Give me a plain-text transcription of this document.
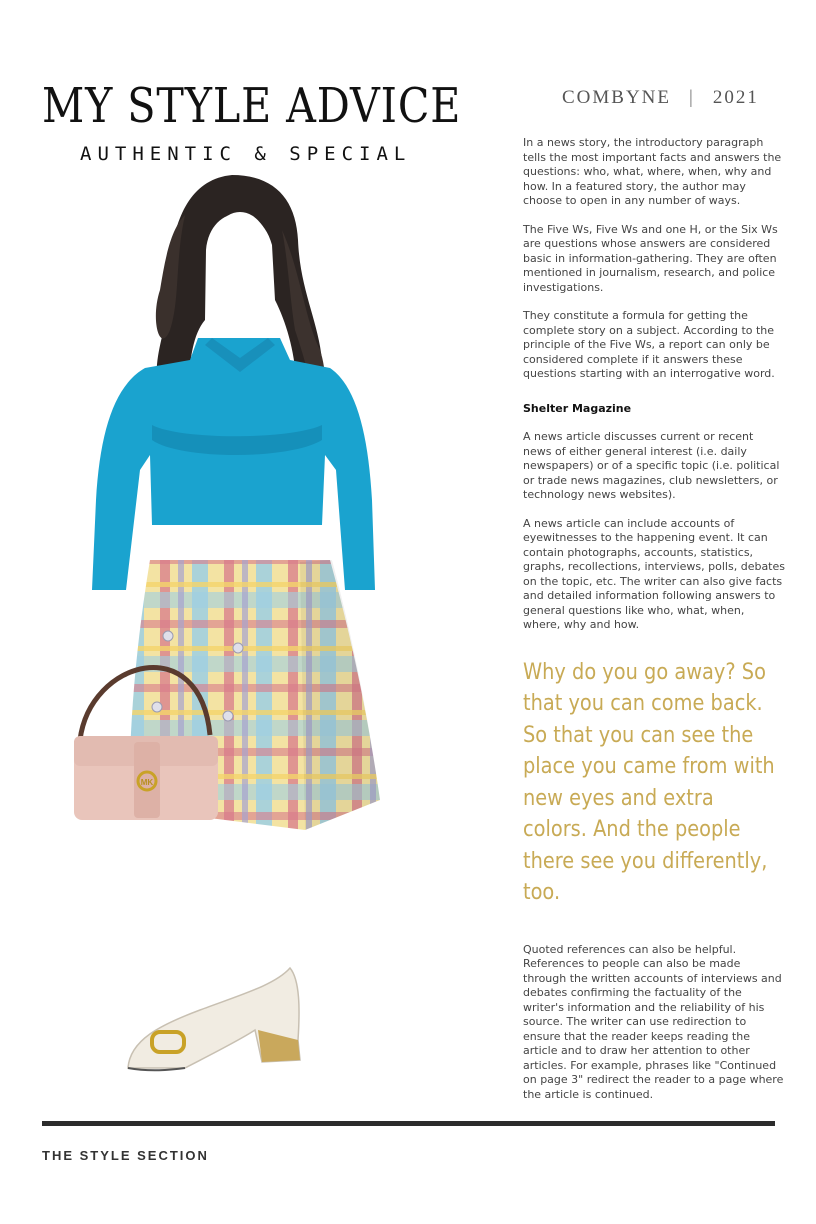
MY STYLE ADVICE
AUTHENTIC & SPECIAL
COMBYNE | 2021
MK

In a news story, the introductory paragraph tells the most important facts and answers the questions: who, what, where, when, why and how. In a featured story, the author may choose to open in any number of ways.

The Five Ws, Five Ws and one H, or the Six Ws are questions whose answers are considered basic in information-gathering. They are often mentioned in journalism, research, and police investigations.

They constitute a formula for getting the complete story on a subject. According to the principle of the Five Ws, a report can only be considered complete if it answers these questions starting with an interrogative word.

Shelter Magazine

A news article discusses current or recent news of either general interest (i.e. daily newspapers) or of a specific topic (i.e. political or trade news magazines, club newsletters, or technology news websites).

A news article can include accounts of eyewitnesses to the happening event. It can contain photographs, accounts, statistics, graphs, recollections, interviews, polls, debates on the topic, etc. The writer can also give facts and detailed information following answers to general questions like who, what, when, where, why and how.

Why do you go away? So that you can come back. So that you can see the place you came from with new eyes and extra colors. And the people there see you differently, too.

Quoted references can also be helpful. References to people can also be made through the written accounts of interviews and debates confirming the factuality of the writer's information and the reliability of his source. The writer can use redirection to ensure that the reader keeps reading the article and to draw her attention to other articles. For example, phrases like "Continued on page 3" redirect the reader to a page where the article is continued.

THE STYLE SECTION
